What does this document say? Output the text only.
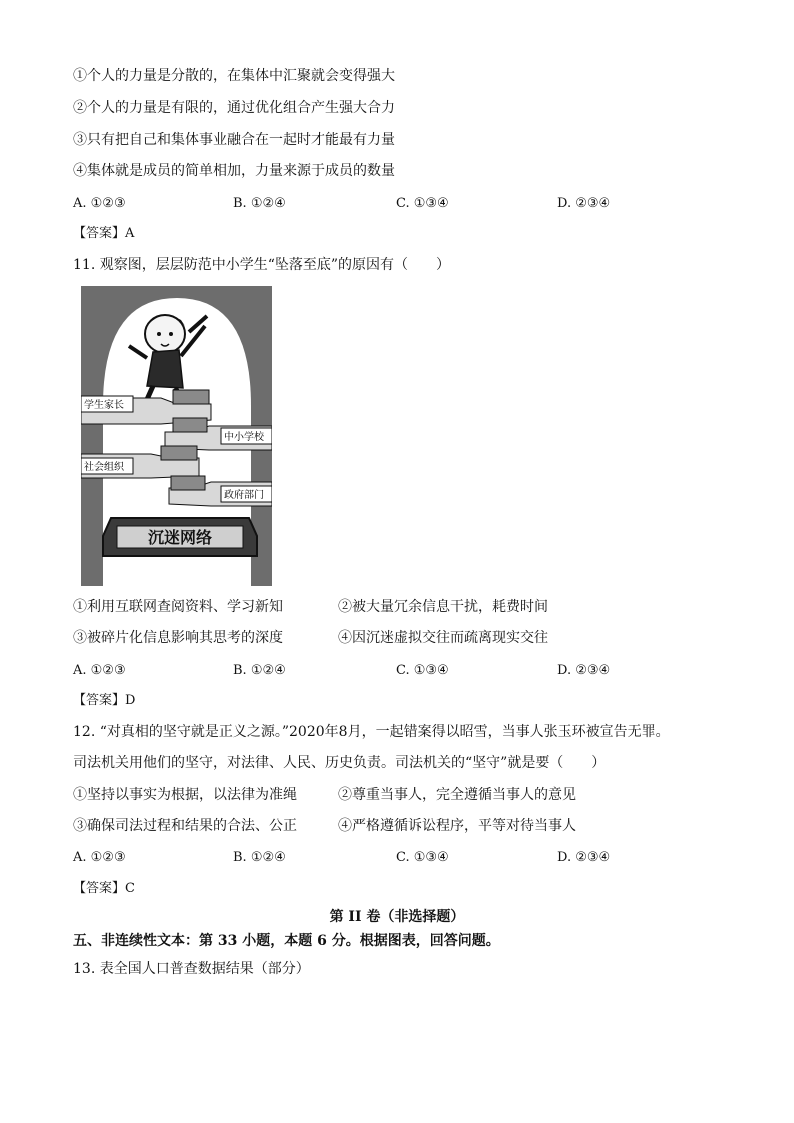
①个人的力量是分散的，在集体中汇聚就会变得强大
②个人的力量是有限的，通过优化组合产生强大合力
③只有把自己和集体事业融合在一起时才能最有力量
④集体就是成员的简单相加，力量来源于成员的数量
A. ①②③	B. ①②④	C. ①③④	D. ②③④
【答案】A
11. 观察图，层层防范中小学生“坠落至底”的原因有（　　）
学生家长
中小学校
社会组织
政府部门
沉迷网络
①利用互联网查阅资料、学习新知	②被大量冗余信息干扰，耗费时间
③被碎片化信息影响其思考的深度	④因沉迷虚拟交往而疏离现实交往
A. ①②③	B. ①②④	C. ①③④	D. ②③④
【答案】D
12. “对真相的坚守就是正义之源。”2020年8月，一起错案得以昭雪，当事人张玉环被宣告无罪。
司法机关用他们的坚守，对法律、人民、历史负责。司法机关的“坚守”就是要（　　）
①坚持以事实为根据，以法律为准绳	②尊重当事人，完全遵循当事人的意见
③确保司法过程和结果的合法、公正	④严格遵循诉讼程序，平等对待当事人
A. ①②③	B. ①②④	C. ①③④	D. ②③④
【答案】C
第 II 卷（非选择题）
五、非连续性文本：第 33 小题，本题 6 分。根据图表，回答问题。
13. 表全国人口普查数据结果（部分）
